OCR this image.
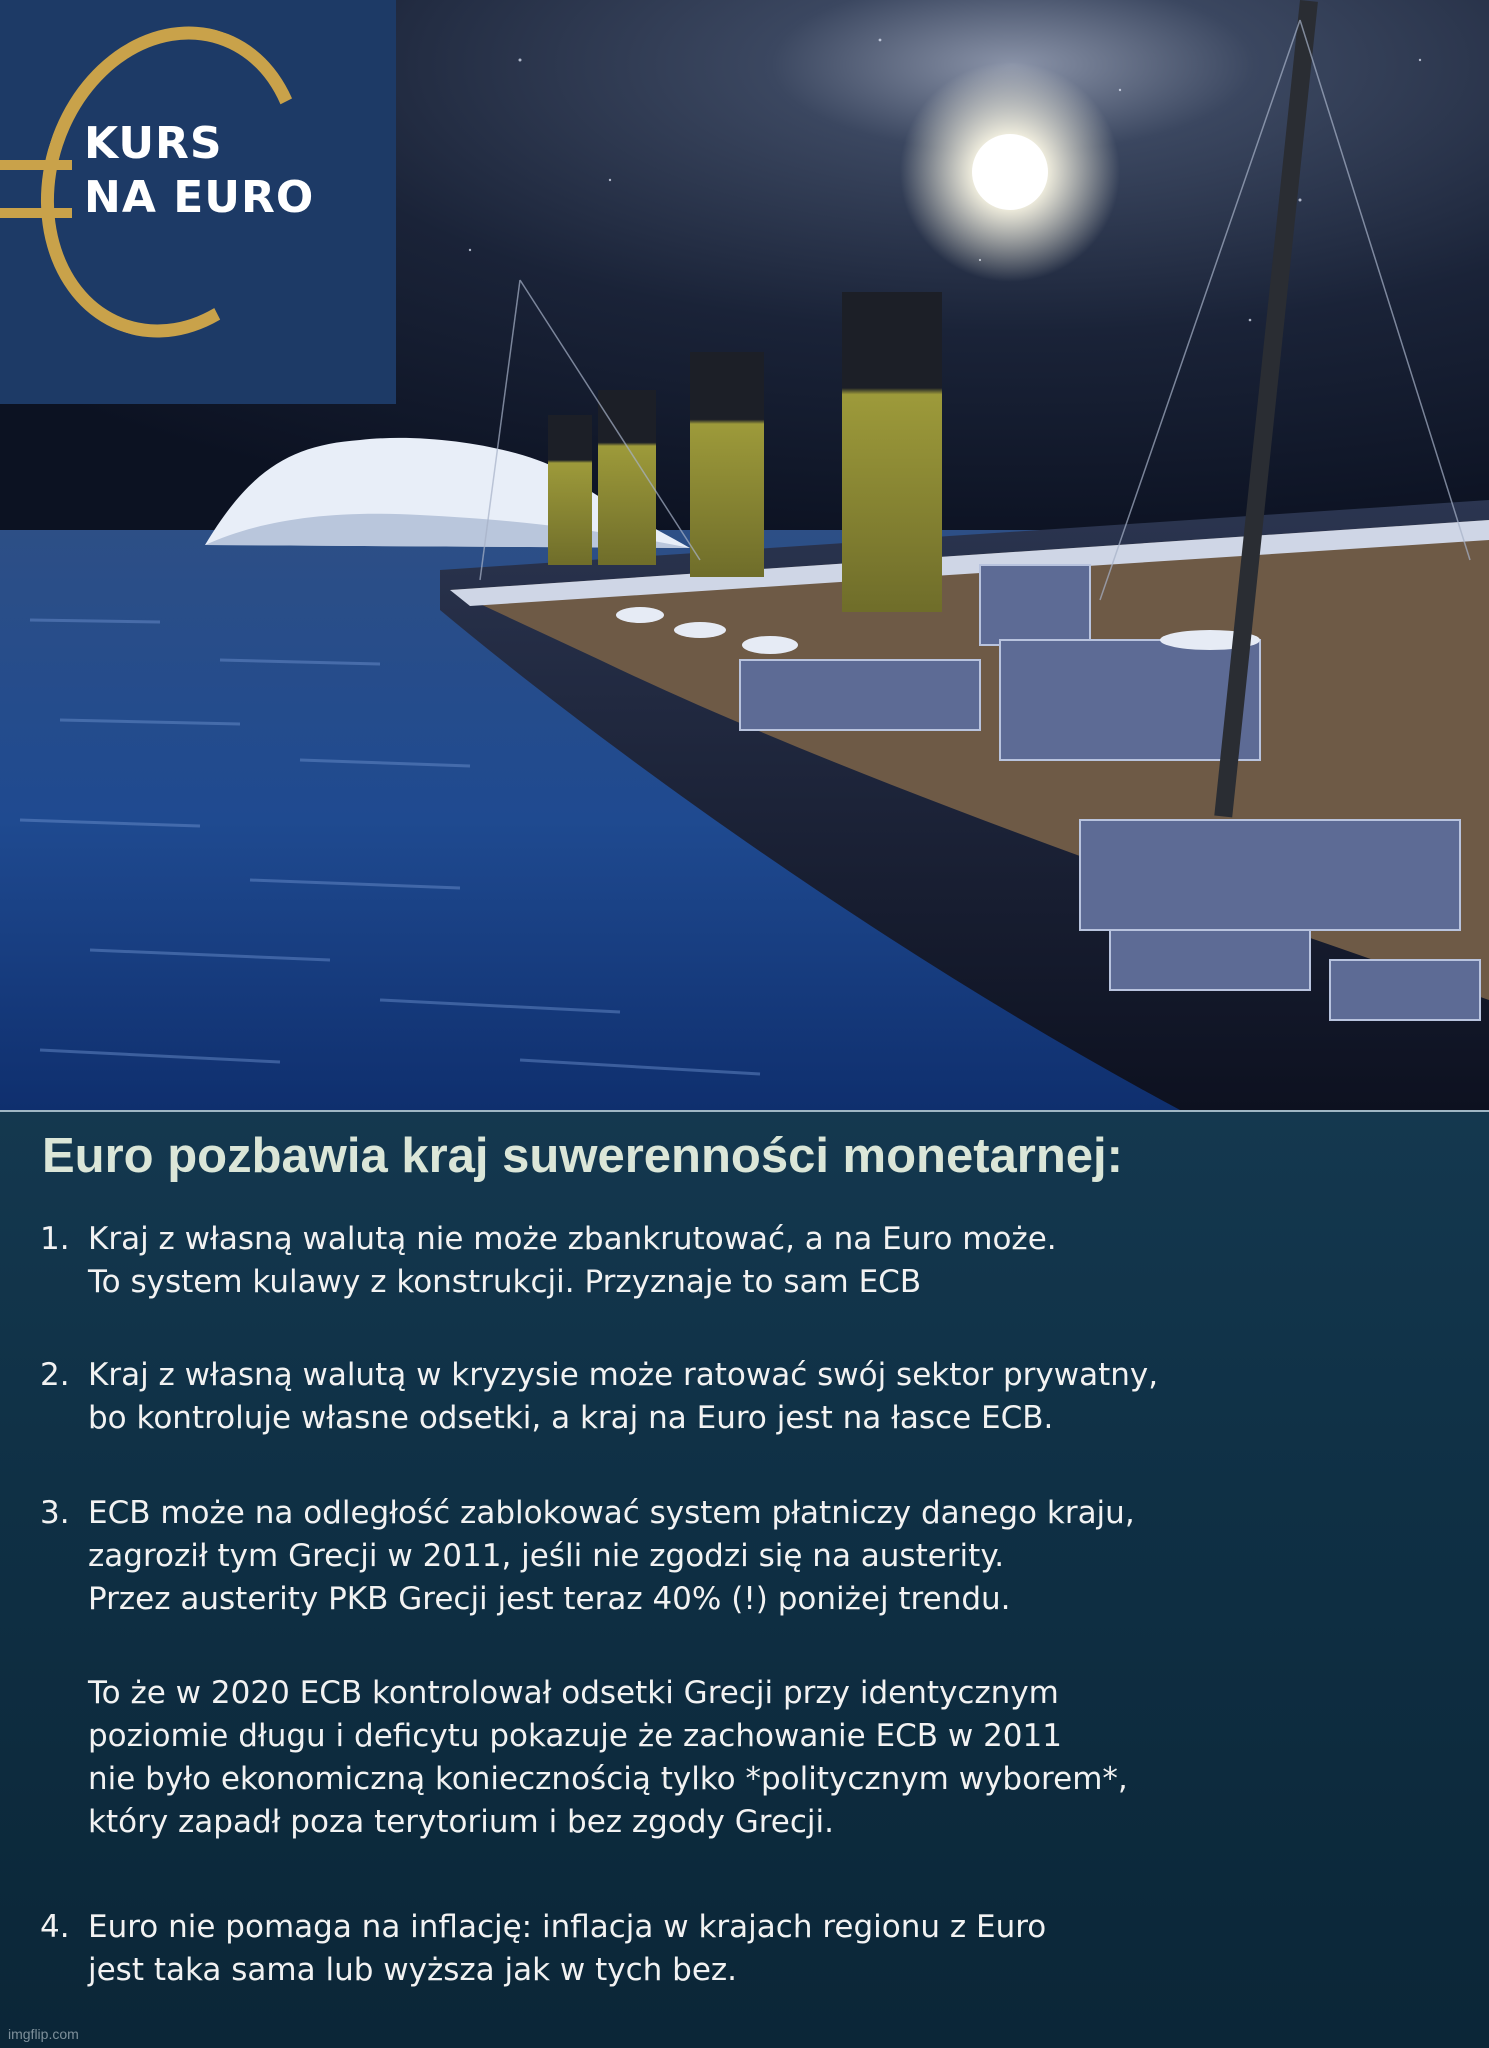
KURS
NA EURO
Euro pozbawia kraj suwerenności monetarnej:
1. Kraj z własną walutą nie może zbankrutować, a na Euro może.
To system kulawy z konstrukcji. Przyznaje to sam ECB
2. Kraj z własną walutą w kryzysie może ratować swój sektor prywatny,
bo kontroluje własne odsetki, a kraj na Euro jest na łasce ECB.
3. ECB może na odległość zablokować system płatniczy danego kraju,
zagroził tym Grecji w 2011, jeśli nie zgodzi się na austerity.
Przez austerity PKB Grecji jest teraz 40% (!) poniżej trendu.
To że w 2020 ECB kontrolował odsetki Grecji przy identycznym
poziomie długu i deficytu pokazuje że zachowanie ECB w 2011
nie było ekonomiczną koniecznością tylko *politycznym wyborem*,
który zapadł poza terytorium i bez zgody Grecji.
4. Euro nie pomaga na inflację: inflacja w krajach regionu z Euro
jest taka sama lub wyższa jak w tych bez.
imgflip.com
